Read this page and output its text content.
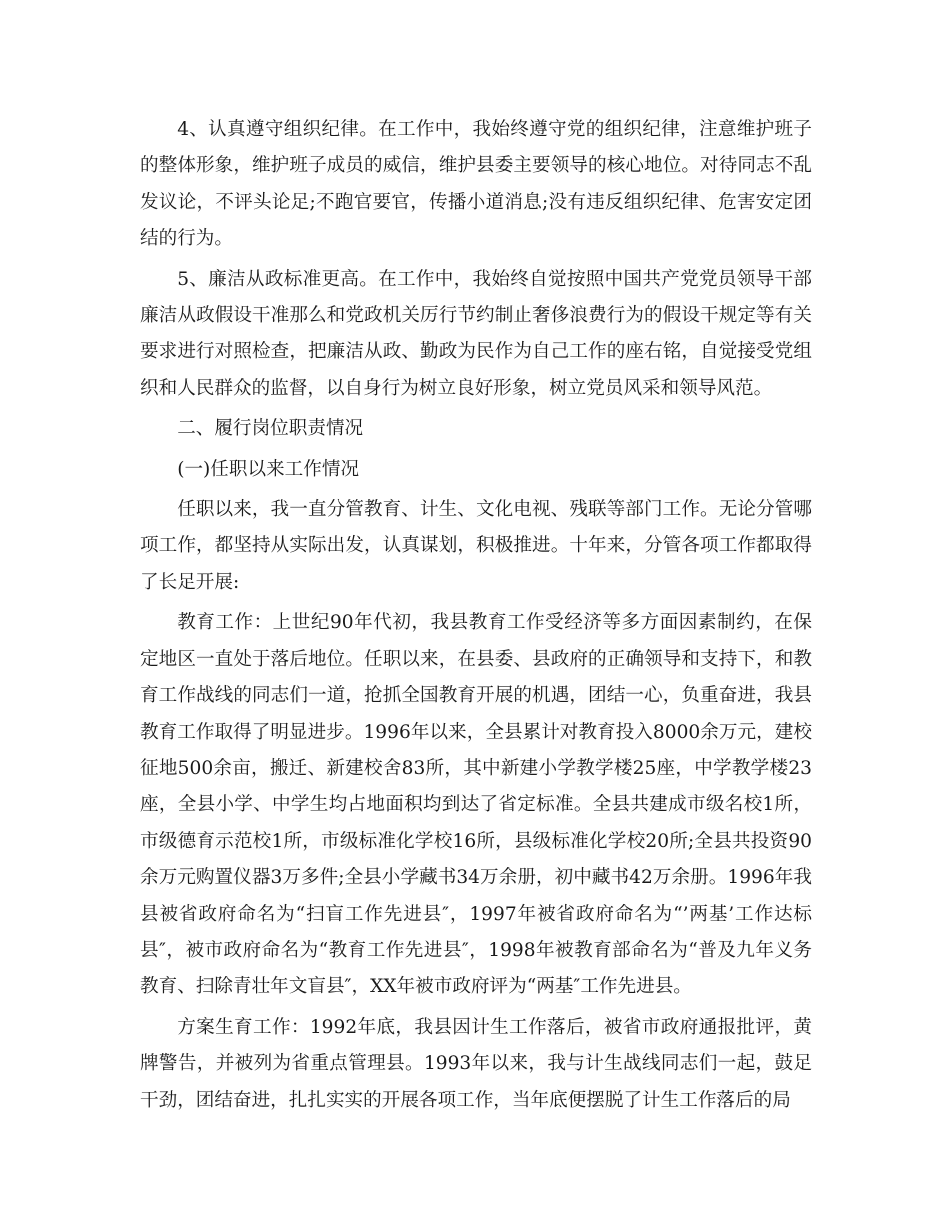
4、认真遵守组织纪律。在工作中，我始终遵守党的组织纪律，注意维护班子的整体形象，维护班子成员的威信，维护县委主要领导的核心地位。对待同志不乱发议论，不评头论足;不跑官要官，传播小道消息;没有违反组织纪律、危害安定团结的行为。

5、廉洁从政标准更高。在工作中，我始终自觉按照中国共产党党员领导干部廉洁从政假设干准那么和党政机关厉行节约制止奢侈浪费行为的假设干规定等有关要求进行对照检查，把廉洁从政、勤政为民作为自己工作的座右铭，自觉接受党组织和人民群众的监督，以自身行为树立良好形象，树立党员风采和领导风范。

二、履行岗位职责情况

(一)任职以来工作情况

任职以来，我一直分管教育、计生、文化电视、残联等部门工作。无论分管哪项工作，都坚持从实际出发，认真谋划，积极推进。十年来，分管各项工作都取得了长足开展:

教育工作：上世纪90年代初，我县教育工作受经济等多方面因素制约，在保定地区一直处于落后地位。任职以来，在县委、县政府的正确领导和支持下，和教育工作战线的同志们一道，抢抓全国教育开展的机遇，团结一心，负重奋进，我县教育工作取得了明显进步。1996年以来，全县累计对教育投入8000余万元，建校征地500余亩，搬迁、新建校舍83所，其中新建小学教学楼25座，中学教学楼23座，全县小学、中学生均占地面积均到达了省定标准。全县共建成市级名校1所，市级德育示范校1所，市级标准化学校16所，县级标准化学校20所;全县共投资90余万元购置仪器3万多件;全县小学藏书34万余册，初中藏书42万余册。1996年我县被省政府命名为“扫盲工作先进县″，1997年被省政府命名为“’两基’工作达标县″，被市政府命名为“教育工作先进县″，1998年被教育部命名为“普及九年义务教育、扫除青壮年文盲县″，XX年被市政府评为“两基″工作先进县。

方案生育工作：1992年底，我县因计生工作落后，被省市政府通报批评，黄牌警告，并被列为省重点管理县。1993年以来，我与计生战线同志们一起，鼓足干劲，团结奋进，扎扎实实的开展各项工作，当年底便摆脱了计生工作落后的局
